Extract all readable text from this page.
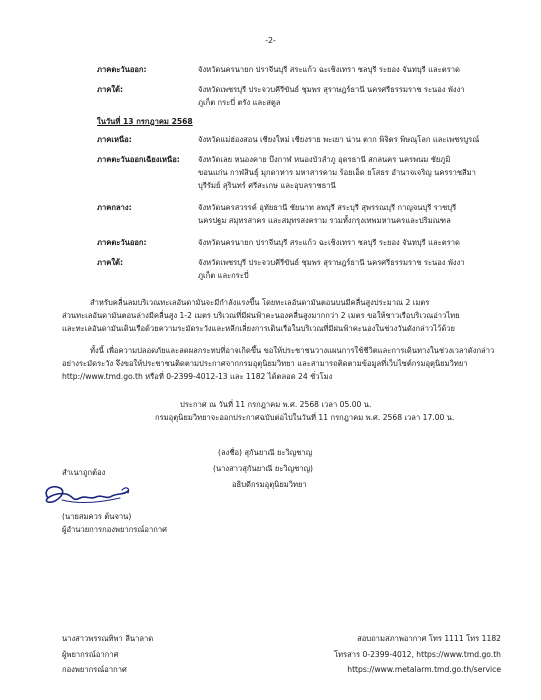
-2-
ภาคตะวันออก:	จังหวัดนครนายก ปราจีนบุรี สระแก้ว ฉะเชิงเทรา ชลบุรี ระยอง จันทบุรี และตราด
ภาคใต้:	จังหวัดเพชรบุรี ประจวบคีรีขันธ์ ชุมพร สุราษฎร์ธานี นครศรีธรรมราช ระนอง พังงา
ภูเก็ต กระบี่ ตรัง และสตูล
ในวันที่ 13 กรกฎาคม 2568
ภาคเหนือ:	จังหวัดแม่ฮ่องสอน เชียงใหม่ เชียงราย พะเยา น่าน ตาก พิจิตร พิษณุโลก และเพชรบูรณ์
ภาคตะวันออกเฉียงเหนือ: จังหวัดเลย หนองคาย บึงกาฬ หนองบัวลำภู อุดรธานี สกลนคร นครพนม ชัยภูมิ
ขอนแก่น กาฬสินธุ์ มุกดาหาร มหาสารคาม ร้อยเอ็ด ยโสธร อำนาจเจริญ นครราชสีมา
บุรีรัมย์ สุรินทร์ ศรีสะเกษ และอุบลราชธานี
ภาคกลาง:	จังหวัดนครสวรรค์ อุทัยธานี ชัยนาท ลพบุรี สระบุรี สุพรรณบุรี กาญจนบุรี ราชบุรี
นครปฐม สมุทรสาคร และสมุทรสงคราม รวมทั้งกรุงเทพมหานครและปริมณฑล
ภาคตะวันออก:	จังหวัดนครนายก ปราจีนบุรี สระแก้ว ฉะเชิงเทรา ชลบุรี ระยอง จันทบุรี และตราด
ภาคใต้:	จังหวัดเพชรบุรี ประจวบคีรีขันธ์ ชุมพร สุราษฎร์ธานี นครศรีธรรมราช ระนอง พังงา
ภูเก็ต และกระบี่
สำหรับคลื่นลมบริเวณทะเลอันดามันจะมีกำลังแรงขึ้น โดยทะเลอันดามันตอนบนมีคลื่นสูงประมาณ 2 เมตร
ส่วนทะเลอันดามันตอนล่างมีคลื่นสูง 1-2 เมตร บริเวณที่มีฝนฟ้าคะนองคลื่นสูงมากกว่า 2 เมตร ขอให้ชาวเรือบริเวณอ่าวไทย
และทะเลอันดามันเดินเรือด้วยความระมัดระวังและหลีกเลี่ยงการเดินเรือในบริเวณที่มีฝนฟ้าคะนองในช่วงวันดังกล่าวไว้ด้วย
ทั้งนี้ เพื่อความปลอดภัยและลดผลกระทบที่อาจเกิดขึ้น ขอให้ประชาชนวางแผนการใช้ชีวิตและการเดินทางในช่วงเวลาดังกล่าว
อย่างระมัดระวัง จึงขอให้ประชาชนติดตามประกาศจากกรมอุตุนิยมวิทยา และสามารถติดตามข้อมูลที่เว็บไซต์กรมอุตุนิยมวิทยา
http://www.tmd.go.th หรือที่ 0-2399-4012-13 และ 1182 ได้ตลอด 24 ชั่วโมง
ประกาศ ณ วันที่ 11 กรกฎาคม พ.ศ. 2568 เวลา 05.00 น.
กรมอุตุนิยมวิทยาจะออกประกาศฉบับต่อไปในวันที่ 11 กรกฎาคม พ.ศ. 2568 เวลา 17.00 น.
(ลงชื่อ) สุกันยาณี ยะวิญชาญ
(นางสาวสุกันยาณี ยะวิญชาญ)
อธิบดีกรมอุตุนิยมวิทยา
สำเนาถูกต้อง
(นายสมควร ต้นจาน)
ผู้อำนวยการกองพยากรณ์อากาศ
นางสาวพรรณทิพา ลีนาลาด
ผู้พยากรณ์อากาศ
กองพยากรณ์อากาศ
สอบถามสภาพอากาศ โทร 1111 โทร 1182
โทรสาร 0-2399-4012, https://www.tmd.go.th
https://www.metalarm.tmd.go.th/service
